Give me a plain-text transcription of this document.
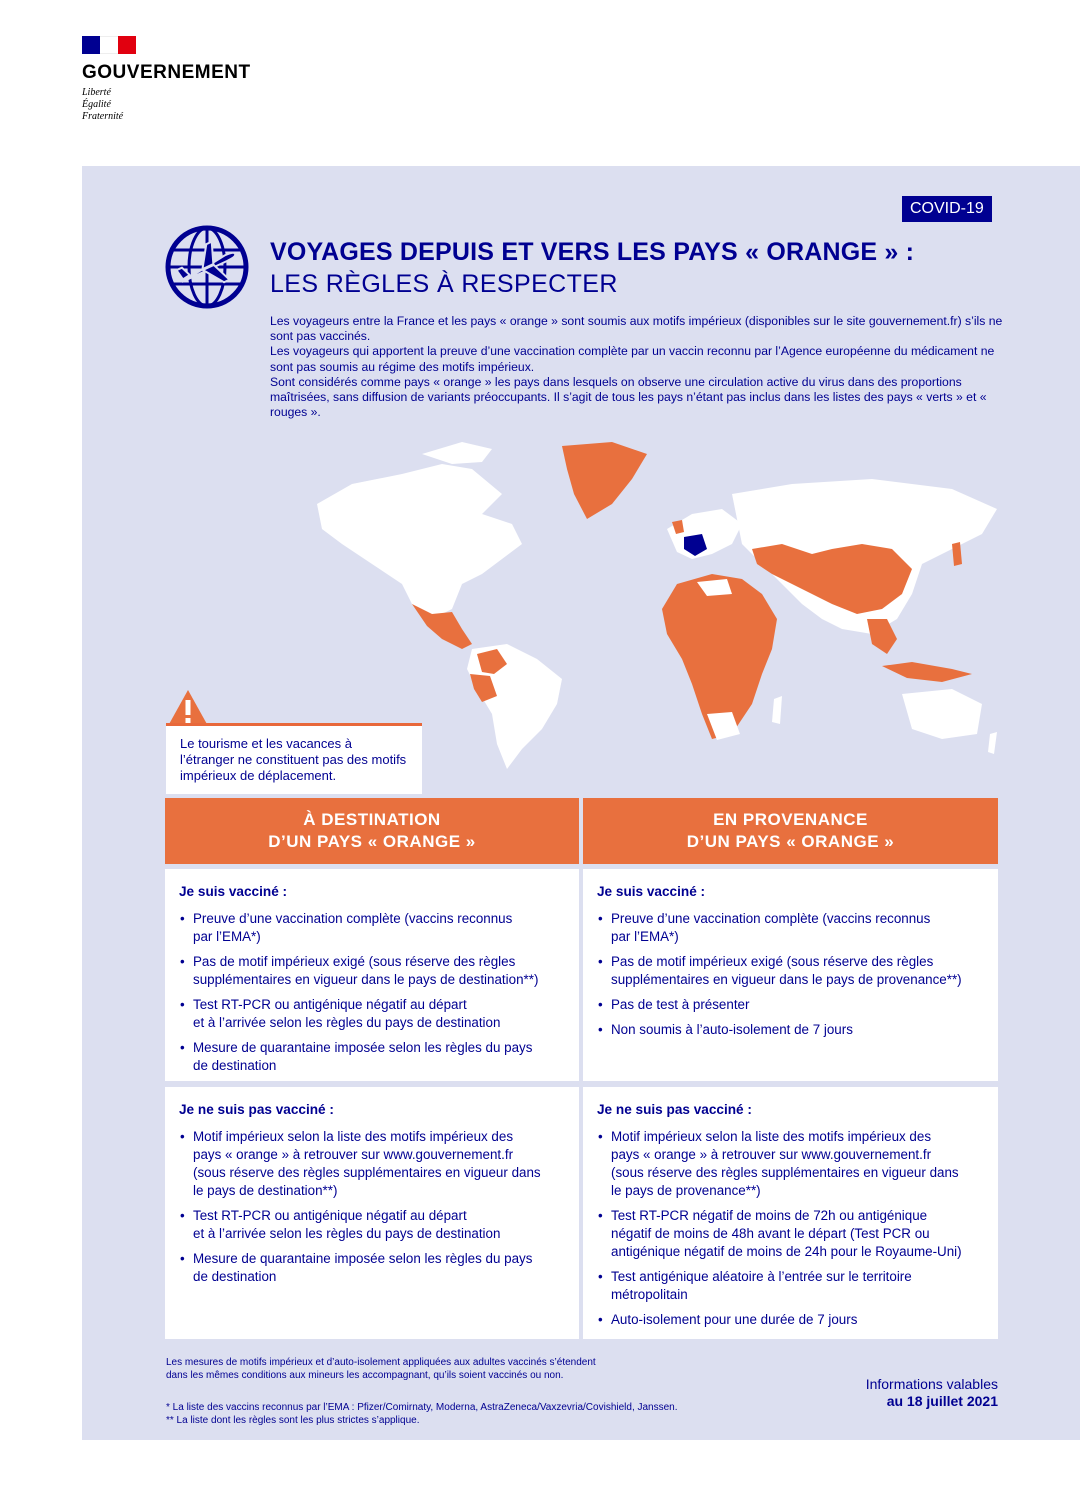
GOUVERNEMENT
Liberté
Égalité
Fraternité
COVID-19
VOYAGES DEPUIS ET VERS LES PAYS « ORANGE » :
LES RÈGLES À RESPECTER

Les voyageurs entre la France et les pays « orange » sont soumis aux motifs impérieux (disponibles sur le site gouvernement.fr) s’ils ne sont pas vaccinés.

Les voyageurs qui apportent la preuve d’une vaccination complète par un vaccin reconnu par l’Agence européenne du médicament ne sont pas soumis au régime des motifs impérieux.

Sont considérés comme pays « orange » les pays dans lesquels on observe une circulation active du virus dans des proportions maîtrisées, sans diffusion de variants préoccupants. Il s’agit de tous les pays n’étant pas inclus dans les listes des pays « verts » et « rouges ».

Le tourisme et les vacances à l’étranger ne constituent pas des motifs impérieux de déplacement.
À DESTINATION
D’UN PAYS « ORANGE »
EN PROVENANCE
D’UN PAYS « ORANGE »
Je suis vacciné :
• Preuve d’une vaccination complète (vaccins reconnus
par l’EMA*)
• Pas de motif impérieux exigé (sous réserve des règles
supplémentaires en vigueur dans le pays de destination**)
• Test RT-PCR ou antigénique négatif au départ
et à l’arrivée selon les règles du pays de destination
• Mesure de quarantaine imposée selon les règles du pays
de destination
Je suis vacciné :
• Preuve d’une vaccination complète (vaccins reconnus
par l’EMA*)
• Pas de motif impérieux exigé (sous réserve des règles
supplémentaires en vigueur dans le pays de provenance**)
• Pas de test à présenter
• Non soumis à l’auto-isolement de 7 jours
Je ne suis pas vacciné :
• Motif impérieux selon la liste des motifs impérieux des
pays « orange » à retrouver sur www.gouvernement.fr
(sous réserve des règles supplémentaires en vigueur dans
le pays de destination**)
• Test RT-PCR ou antigénique négatif au départ
et à l’arrivée selon les règles du pays de destination
• Mesure de quarantaine imposée selon les règles du pays
de destination
Je ne suis pas vacciné :
• Motif impérieux selon la liste des motifs impérieux des
pays « orange » à retrouver sur www.gouvernement.fr
(sous réserve des règles supplémentaires en vigueur dans
le pays de provenance**)
• Test RT-PCR négatif de moins de 72h ou antigénique
négatif de moins de 48h avant le départ (Test PCR ou
antigénique négatif de moins de 24h pour le Royaume-Uni)
• Test antigénique aléatoire à l’entrée sur le territoire
métropolitain
• Auto-isolement pour une durée de 7 jours
Les mesures de motifs impérieux et d’auto-isolement appliquées aux adultes vaccinés s’étendent
dans les mêmes conditions aux mineurs les accompagnant, qu’ils soient vaccinés ou non.
* La liste des vaccins reconnus par l’EMA : Pfizer/Comirnaty, Moderna, AstraZeneca/Vaxzevria/Covishield, Janssen.
** La liste dont les règles sont les plus strictes s’applique.
Informations valables
au 18 juillet 2021
